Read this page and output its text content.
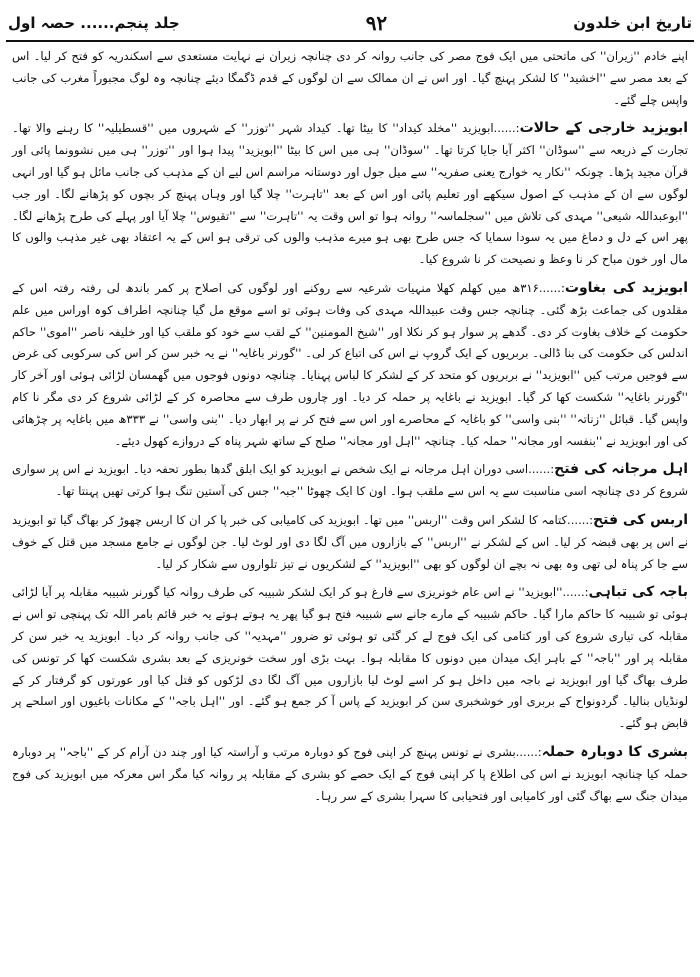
تاریخ ابن خلدون
۹۲
جلد پنجم...... حصہ اول

اپنے خادم ''زیران'' کی ماتحتی میں ایک فوج مصر کی جانب روانہ کر دی چنانچہ زیران نے نہایت مستعدی سے اسکندریہ کو فتح کر لیا۔ اس کے بعد مصر سے ''اخشید'' کا لشکر پہنچ گیا۔ اور اس نے ان ممالک سے ان لوگوں کے قدم ڈگمگا دیئے چنانچہ وہ لوگ مجبوراً مغرب کی جانب واپس چلے گئے۔

ابویزید خارجی کے حالات:......ابویزید ''مخلد کیداد'' کا بیٹا تھا۔ کیداد شہر ''توزر'' کے شہروں میں ''قسطیلیہ'' کا رہنے والا تھا۔ تجارت کے ذریعہ سے ''سوڈان'' اکثر آیا جایا کرتا تھا۔ ''سوڈان'' ہی میں اس کا بیٹا ''ابویزید'' پیدا ہوا اور ''توزر'' ہی میں نشوونما پائی اور قرآن مجید پڑھا۔ چونکہ ''نکار یہ خوارج یعنی صفریہ'' سے میل جول اور دوستانہ مراسم اس لیے ان کے مذہب کی جانب مائل ہو گیا اور انہی لوگوں سے ان کے مذہب کے اصول سیکھے اور تعلیم پائی اور اس کے بعد ''تاہرت'' چلا گیا اور وہاں پہنچ کر بچوں کو پڑھانے لگا۔ اور جب ''ابوعبداللہ شیعی'' مہدی کی تلاش میں ''سجلماسہ'' روانہ ہوا تو اس وقت یہ ''تاہرت'' سے ''تقیوس'' چلا آیا اور پہلے کی طرح پڑھانے لگا۔ پھر اس کے دل و دماغ میں یہ سودا سمایا کہ جس طرح بھی ہو میرے مذہب والوں کی ترقی ہو اس کے یہ اعتقاد بھی غیر مذہب والوں کا مال اور خون مباح کر نا وعظ و نصیحت کر نا شروع کیا۔

ابویزید کی بغاوت:......۳۱۶ھ میں کھلم کھلا منہیات شرعیہ سے روکنے اور لوگوں کی اصلاح پر کمر باندھ لی رفتہ رفتہ اس کے مقلدوں کی جماعت بڑھ گئی۔ چنانچہ جس وقت عبیداللہ مہدی کی وفات ہوئی تو اسے موقع مل گیا چنانچہ اطراف کوہ اوراس میں علم حکومت کے خلاف بغاوت کر دی۔ گدھے پر سوار ہو کر نکلا اور ''شیخ المومنین'' کے لقب سے خود کو ملقب کیا اور خلیفہ ناصر ''اموی'' حاکم اندلس کی حکومت کی بنا ڈالی۔ بربریوں کے ایک گروپ نے اس کی اتباع کر لی۔ ''گورنر باغایہ'' نے یہ خبر سن کر اس کی سرکوبی کی غرض سے فوجیں مرتب کیں ''ابویزید'' نے بربریوں کو متحد کر کے لشکر کا لباس پہنایا۔ چنانچہ دونوں فوجوں میں گھمسان لڑائی ہوئی اور آخر کار ''گورنر باغایہ'' شکست کھا کر گیا۔ ابویزید نے باغایہ پر حملہ کر دیا۔ اور چاروں طرف سے محاصرہ کر کے لڑائی شروع کر دی مگر نا کام واپس گیا۔ قبائل ''زناتہ'' ''بنی واسی'' کو باغایہ کے محاصرے اور اس سے فتح کر نے پر ابھار دیا۔ ''بنی واسی'' نے ۳۳۳ھ میں باغایہ پر چڑھائی کی اور ابویزید نے ''بنفسہ اور مجانہ'' حملہ کیا۔ چنانچہ ''اہل اور مجانہ'' صلح کے ساتھ شہر پناہ کے دروازے کھول دیئے۔

اہل مرجانہ کی فتح:......اسی دوران اہل مرجانہ نے ایک شخص نے ابویزید کو ایک ابلق گدھا بطور تحفہ دیا۔ ابویزید نے اس پر سواری شروع کر دی چنانچہ اسی مناسبت سے یہ اس سے ملقب ہوا۔ اون کا ایک چھوٹا ''جبہ'' جس کی آستین تنگ ہوا کرتی تھیں پہنتا تھا۔

اربس کی فتح:......کتامہ کا لشکر اس وقت ''اربس'' میں تھا۔ ابویزید کی کامیابی کی خبر پا کر ان کا اربس چھوڑ کر بھاگ گیا تو ابویزید نے اس پر بھی قبضہ کر لیا۔ اس کے لشکر نے ''اربس'' کے بازاروں میں آگ لگا دی اور لوٹ لیا۔ جن لوگوں نے جامع مسجد میں قتل کے خوف سے جا کر پناہ لی تھی وہ بھی نہ بچے ان لوگوں کو بھی ''ابویزید'' کے لشکریوں نے تیز تلواروں سے شکار کر لیا۔

باجہ کی تباہی:......''ابویزید'' نے اس عام خونریزی سے فارغ ہو کر ایک لشکر شبیبہ کی طرف روانہ کیا گورنر شبیبہ مقابلہ پر آیا لڑائی ہوئی تو شبیبہ کا حاکم مارا گیا۔ حاکم شبیبہ کے مارے جانے سے شبیبہ فتح ہو گیا پھر یہ ہوتے ہوتے یہ خبر قائم بامر اللہ تک پہنچی تو اس نے مقابلہ کی تیاری شروع کی اور کتامی کی ایک فوج لے کر گئی تو ہوئی تو ضرور ''مہدیہ'' کی جانب روانہ کر دیا۔ ابویزید یہ خبر سن کر مقابلہ پر اور ''باجہ'' کے باہر ایک میدان میں دونوں کا مقابلہ ہوا۔ بہت بڑی اور سخت خونریزی کے بعد بشری شکست کھا کر تونس کی طرف بھاگ گیا اور ابویزید نے باجہ میں داخل ہو کر اسے لوٹ لیا بازاروں میں آگ لگا دی لڑکوں کو قتل کیا اور عورتوں کو گرفتار کر کے لونڈیاں بنالیا۔ گردونواح کے بربری اور خوشخبری سن کر ابویزید کے پاس آ کر جمع ہو گئے۔ اور ''اہل باجہ'' کے مکانات باغیوں اور اسلحے پر قابض ہو گئے۔

بشری کا دوبارہ حملہ:......بشری نے تونس پہنچ کر اپنی فوج کو دوبارہ مرتب و آراستہ کیا اور چند دن آرام کر کے ''باجہ'' پر دوبارہ حملہ کیا چنانچہ ابویزید نے اس کی اطلاع پا کر اپنی فوج کے ایک حصے کو بشری کے مقابلہ پر روانہ کیا مگر اس معرکہ میں ابویزید کی فوج میدان جنگ سے بھاگ گئی اور کامیابی اور فتحیابی کا سہرا بشری کے سر رہا۔
